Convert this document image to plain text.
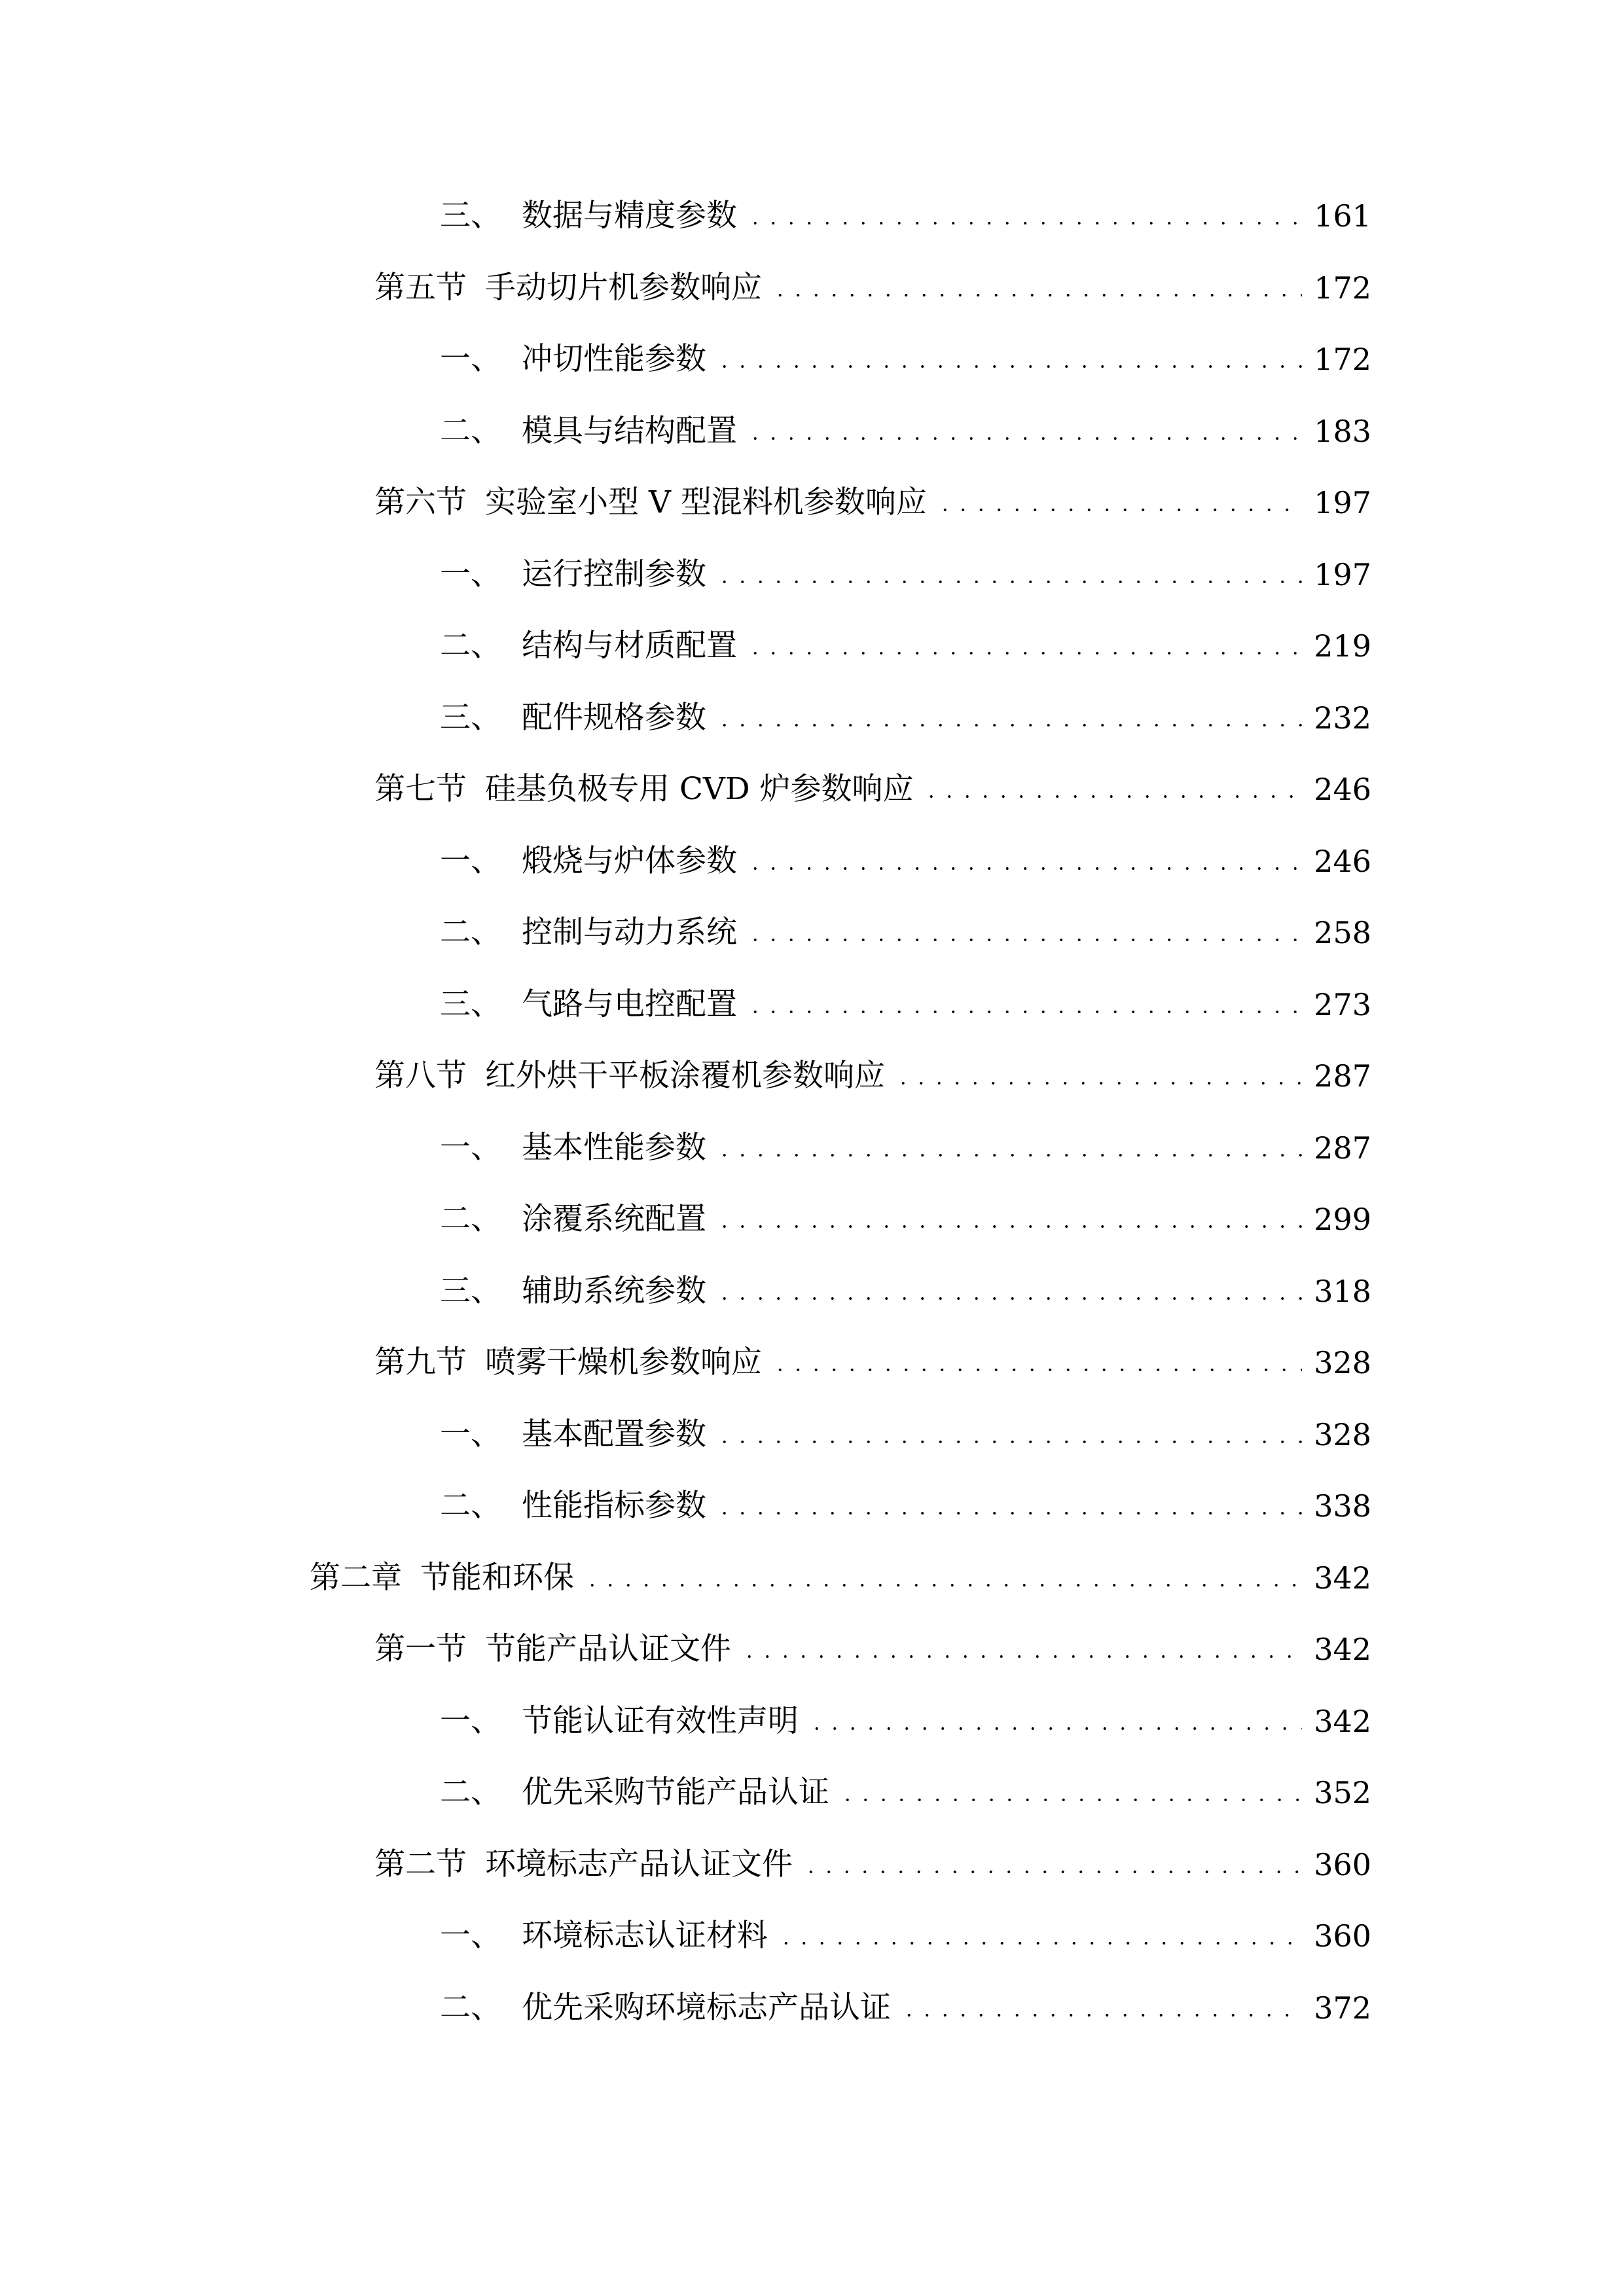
三、 数据与精度参数	161
第五节 手动切片机参数响应	172
一、 冲切性能参数	172
二、 模具与结构配置	183
第六节 实验室小型 V 型混料机参数响应	197
一、 运行控制参数	197
二、 结构与材质配置	219
三、 配件规格参数	232
第七节 硅基负极专用 CVD 炉参数响应	246
一、 煅烧与炉体参数	246
二、 控制与动力系统	258
三、 气路与电控配置	273
第八节 红外烘干平板涂覆机参数响应	287
一、 基本性能参数	287
二、 涂覆系统配置	299
三、 辅助系统参数	318
第九节 喷雾干燥机参数响应	328
一、 基本配置参数	328
二、 性能指标参数	338
第二章 节能和环保	342
第一节 节能产品认证文件	342
一、 节能认证有效性声明	342
二、 优先采购节能产品认证	352
第二节 环境标志产品认证文件	360
一、 环境标志认证材料	360
二、 优先采购环境标志产品认证	372
